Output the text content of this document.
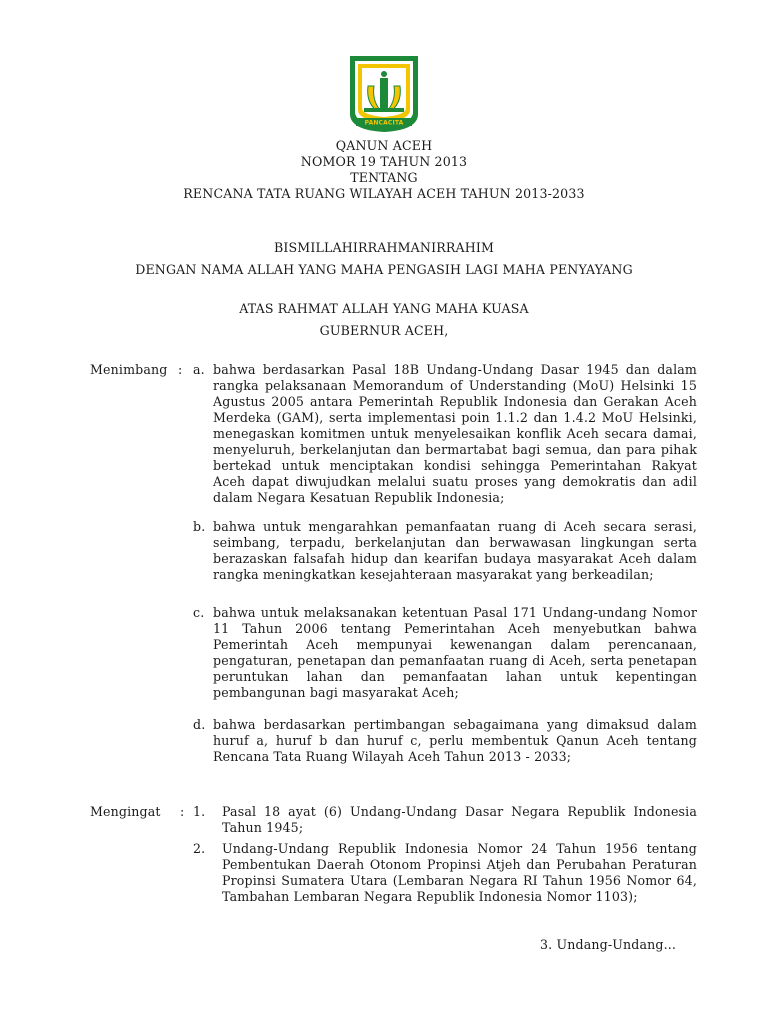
PANCACITA
QANUN ACEH
NOMOR 19 TAHUN 2013
TENTANG
RENCANA TATA RUANG WILAYAH ACEH TAHUN 2013-2033
BISMILLAHIRRAHMANIRRAHIM
DENGAN NAMA ALLAH YANG MAHA PENGASIH LAGI MAHA PENYAYANG
ATAS RAHMAT ALLAH YANG MAHA KUASA
GUBERNUR ACEH,
Menimbang : a. bahwa berdasarkan Pasal 18B Undang-Undang Dasar 1945 dan dalam rangka pelaksanaan Memorandum of Understanding (MoU) Helsinki 15 Agustus 2005 antara Pemerintah Republik Indonesia dan Gerakan Aceh Merdeka (GAM), serta implementasi poin 1.1.2 dan 1.4.2 MoU Helsinki, menegaskan komitmen untuk menyelesaikan konflik Aceh secara damai, menyeluruh, berkelanjutan dan bermartabat bagi semua, dan para pihak bertekad untuk menciptakan kondisi sehingga Pemerintahan Rakyat Aceh dapat diwujudkan melalui suatu proses yang demokratis dan adil dalam Negara Kesatuan Republik Indonesia;
b. bahwa untuk mengarahkan pemanfaatan ruang di Aceh secara serasi, seimbang, terpadu, berkelanjutan dan berwawasan lingkungan serta berazaskan falsafah hidup dan kearifan budaya masyarakat Aceh dalam rangka meningkatkan kesejahteraan masyarakat yang berkeadilan;
c. bahwa untuk melaksanakan ketentuan Pasal 171 Undang-undang Nomor 11 Tahun 2006 tentang Pemerintahan Aceh menyebutkan bahwa Pemerintah Aceh mempunyai kewenangan dalam perencanaan, pengaturan, penetapan dan pemanfaatan ruang di Aceh, serta penetapan peruntukan lahan dan pemanfaatan lahan untuk kepentingan pembangunan bagi masyarakat Aceh;
d. bahwa berdasarkan pertimbangan sebagaimana yang dimaksud dalam huruf a, huruf b dan huruf c, perlu membentuk Qanun Aceh tentang Rencana Tata Ruang Wilayah Aceh Tahun 2013 - 2033;
Mengingat : 1. Pasal 18 ayat (6) Undang-Undang Dasar Negara Republik Indonesia Tahun 1945;
2. Undang-Undang Republik Indonesia Nomor 24 Tahun 1956 tentang Pembentukan Daerah Otonom Propinsi Atjeh dan Perubahan Peraturan Propinsi Sumatera Utara (Lembaran Negara RI Tahun 1956 Nomor 64, Tambahan Lembaran Negara Republik Indonesia Nomor 1103);
3. Undang-Undang...
